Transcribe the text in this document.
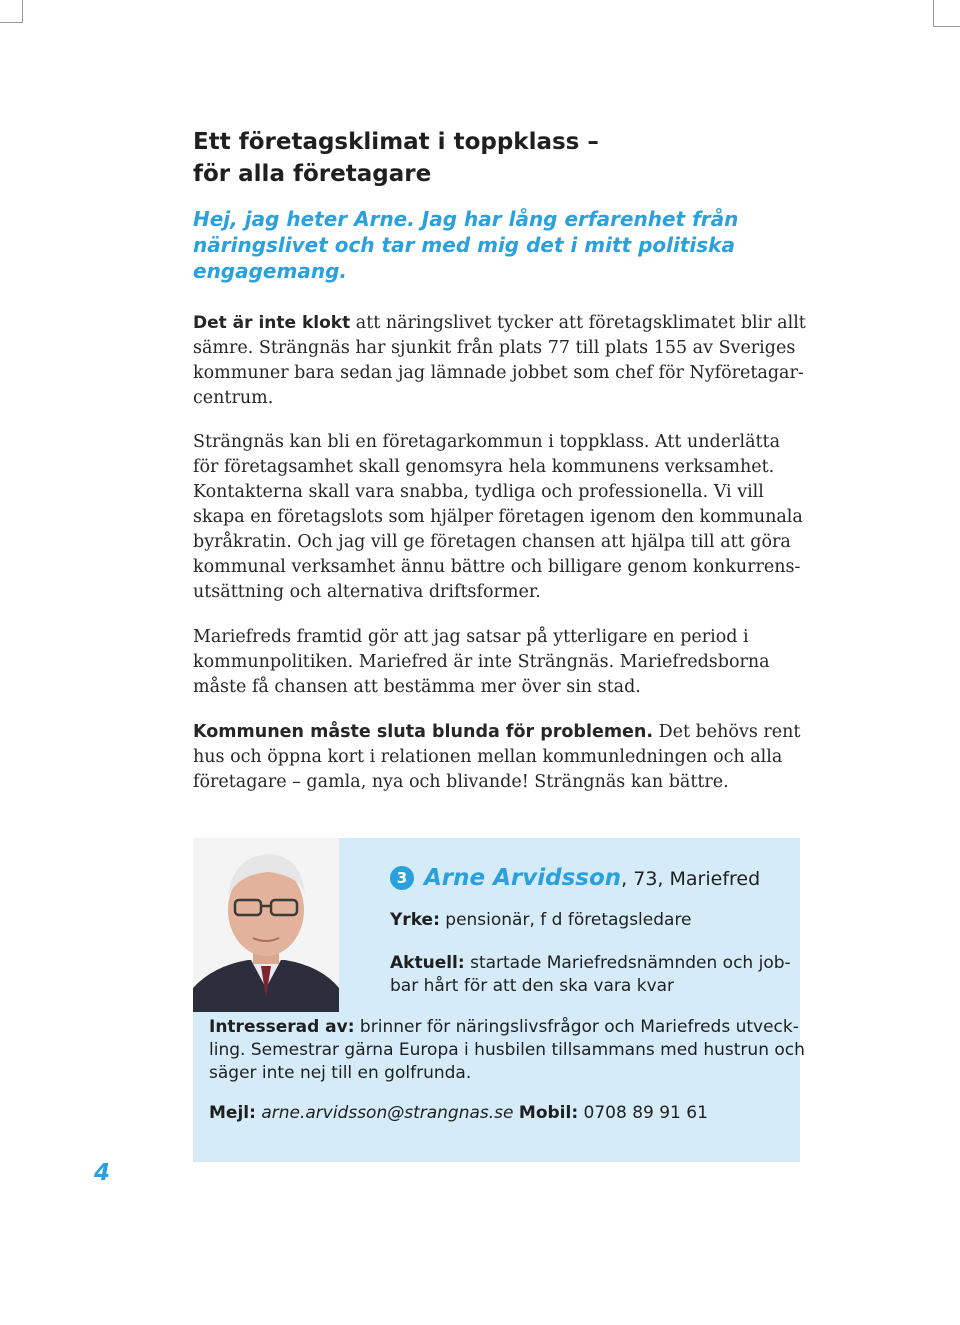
Ett företagsklimat i toppklass –
för alla företagare

Hej, jag heter Arne. Jag har lång erfarenhet från
näringslivet och tar med mig det i mitt politiska
engagemang.

Det är inte klokt att näringslivet tycker att företagsklimatet blir allt
sämre. Strängnäs har sjunkit från plats 77 till plats 155 av Sveriges
kommuner bara sedan jag lämnade jobbet som chef för Nyföretagar-
centrum.
Strängnäs kan bli en företagarkommun i toppklass. Att underlätta
för företagsamhet skall genomsyra hela kommunens verksamhet.
Kontakterna skall vara snabba, tydliga och professionella. Vi vill
skapa en företagslots som hjälper företagen igenom den kommunala
byråkratin. Och jag vill ge företagen chansen att hjälpa till att göra
kommunal verksamhet ännu bättre och billigare genom konkurrens-
utsättning och alternativa driftsformer.
Mariefreds framtid gör att jag satsar på ytterligare en period i
kommunpolitiken. Mariefred är inte Strängnäs. Mariefredsborna
måste få chansen att bestämma mer över sin stad.
Kommunen måste sluta blunda för problemen. Det behövs rent
hus och öppna kort i relationen mellan kommunledningen och alla
företagare – gamla, nya och blivande! Strängnäs kan bättre.
3 Arne Arvidsson, 73, Mariefred
Yrke: pensionär, f d företagsledare
Aktuell: startade Mariefredsnämnden och job-
bar hårt för att den ska vara kvar
Intresserad av: brinner för näringslivsfrågor och Mariefreds utveck-
ling. Semestrar gärna Europa i husbilen tillsammans med hustrun och
säger inte nej till en golfrunda.
Mejl: arne.arvidsson@strangnas.se Mobil: 0708 89 91 61
4
